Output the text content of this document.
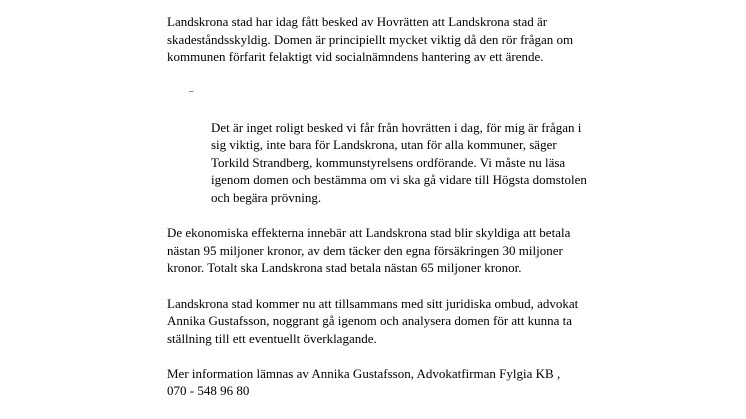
Landskrona stad har idag fått besked av Hovrätten att Landskrona stad är
skadeståndsskyldig. Domen är principiellt mycket viktig då den rör frågan om
kommunen förfarit felaktigt vid socialnämndens hantering av ett ärende.

–

Det är inget roligt besked vi får från hovrätten i dag, för mig är frågan i
sig viktig, inte bara för Landskrona, utan för alla kommuner, säger
Torkild Strandberg, kommunstyrelsens ordförande. Vi måste nu läsa
igenom domen och bestämma om vi ska gå vidare till Högsta domstolen
och begära prövning.

De ekonomiska effekterna innebär att Landskrona stad blir skyldiga att betala
nästan 95 miljoner kronor, av dem täcker den egna försäkringen 30 miljoner
kronor. Totalt ska Landskrona stad betala nästan 65 miljoner kronor.

Landskrona stad kommer nu att tillsammans med sitt juridiska ombud, advokat
Annika Gustafsson, noggrant gå igenom och analysera domen för att kunna ta
ställning till ett eventuellt överklagande.

Mer information lämnas av Annika Gustafsson, Advokatfirman Fylgia KB ,
070 - 548 96 80
